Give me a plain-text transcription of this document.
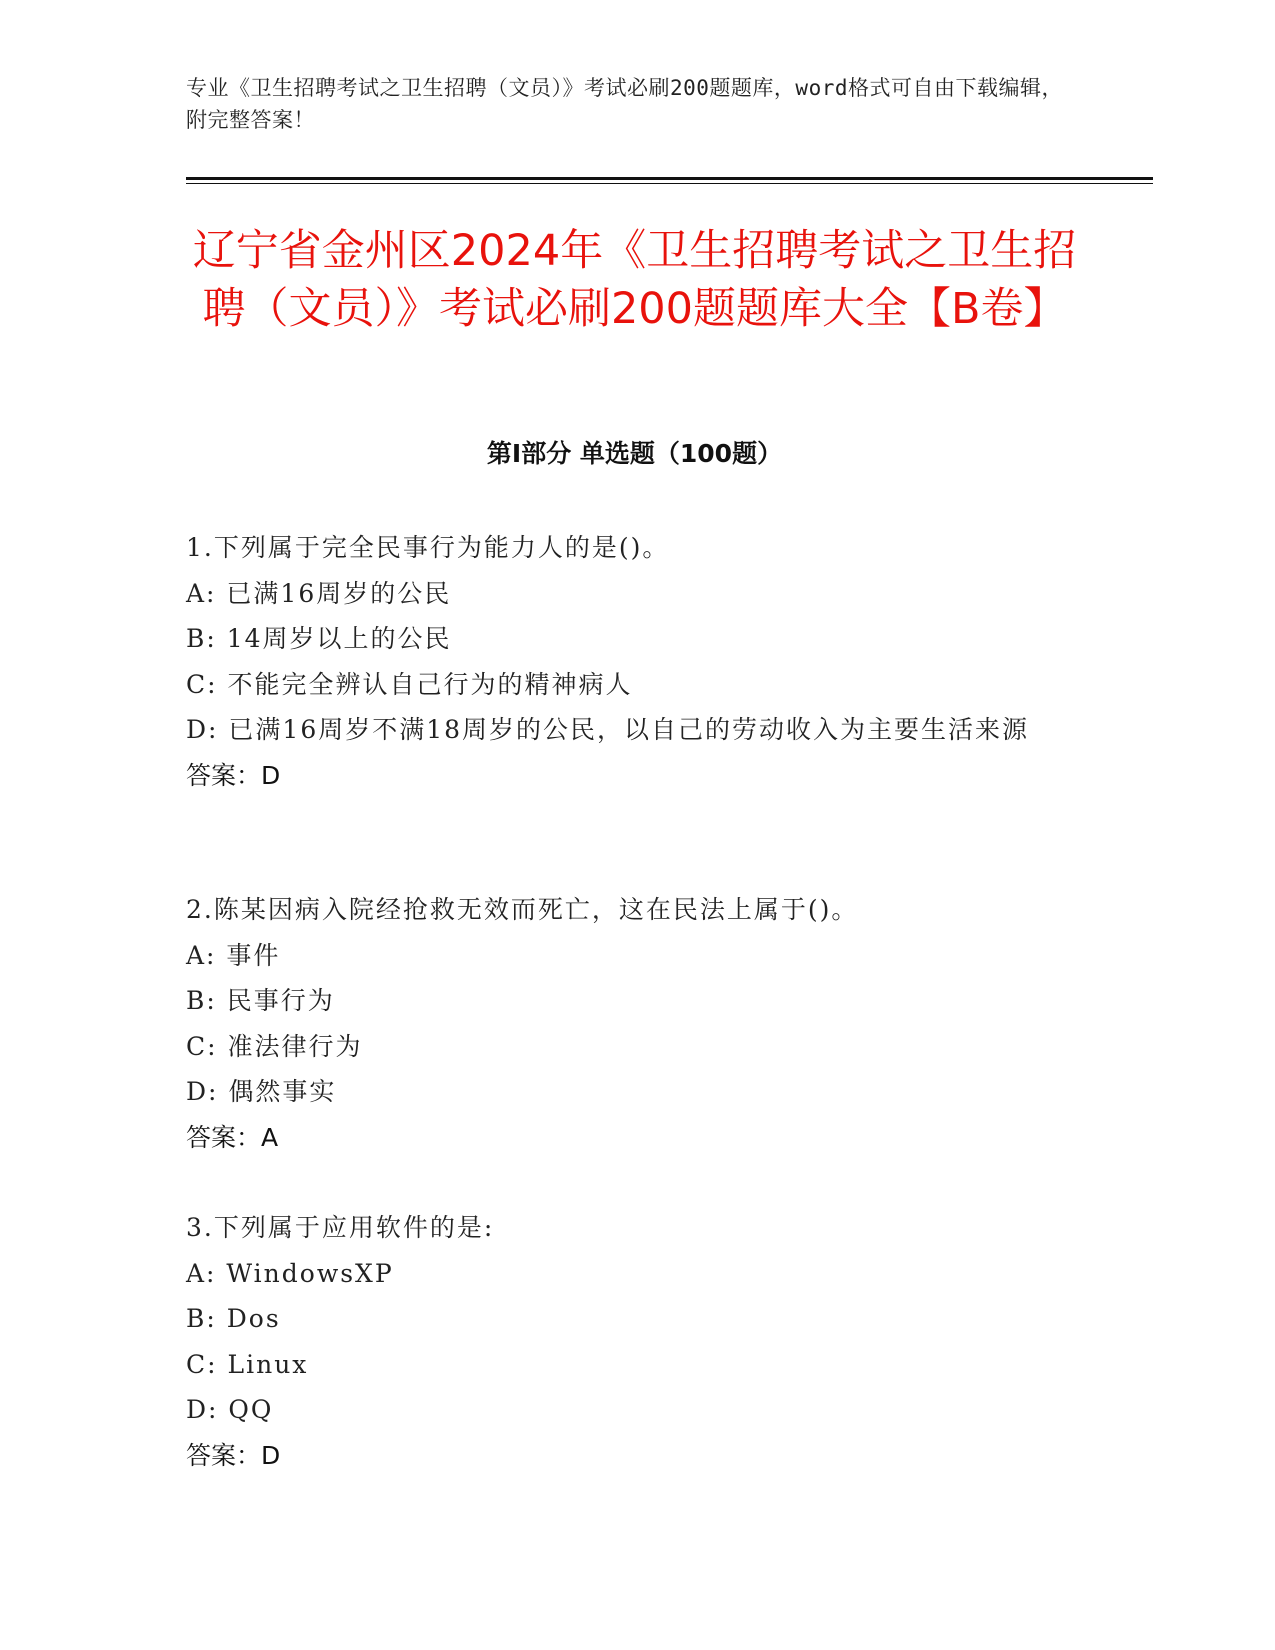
专业《卫生招聘考试之卫生招聘（文员）》考试必刷200题题库，word格式可自由下载编辑，附完整答案！
辽宁省金州区2024年《卫生招聘考试之卫生招聘（文员）》考试必刷200题题库大全【B卷】
第I部分 单选题（100题）

1.下列属于完全民事行为能力人的是()。

A: 已满16周岁的公民

B: 14周岁以上的公民

C: 不能完全辨认自己行为的精神病人

D: 已满16周岁不满18周岁的公民，以自己的劳动收入为主要生活来源

答案：D

2.陈某因病入院经抢救无效而死亡，这在民法上属于()。

A: 事件

B: 民事行为

C: 准法律行为

D: 偶然事实

答案：A

3.下列属于应用软件的是:

A: WindowsXP

B: Dos

C: Linux

D: QQ

答案：D
